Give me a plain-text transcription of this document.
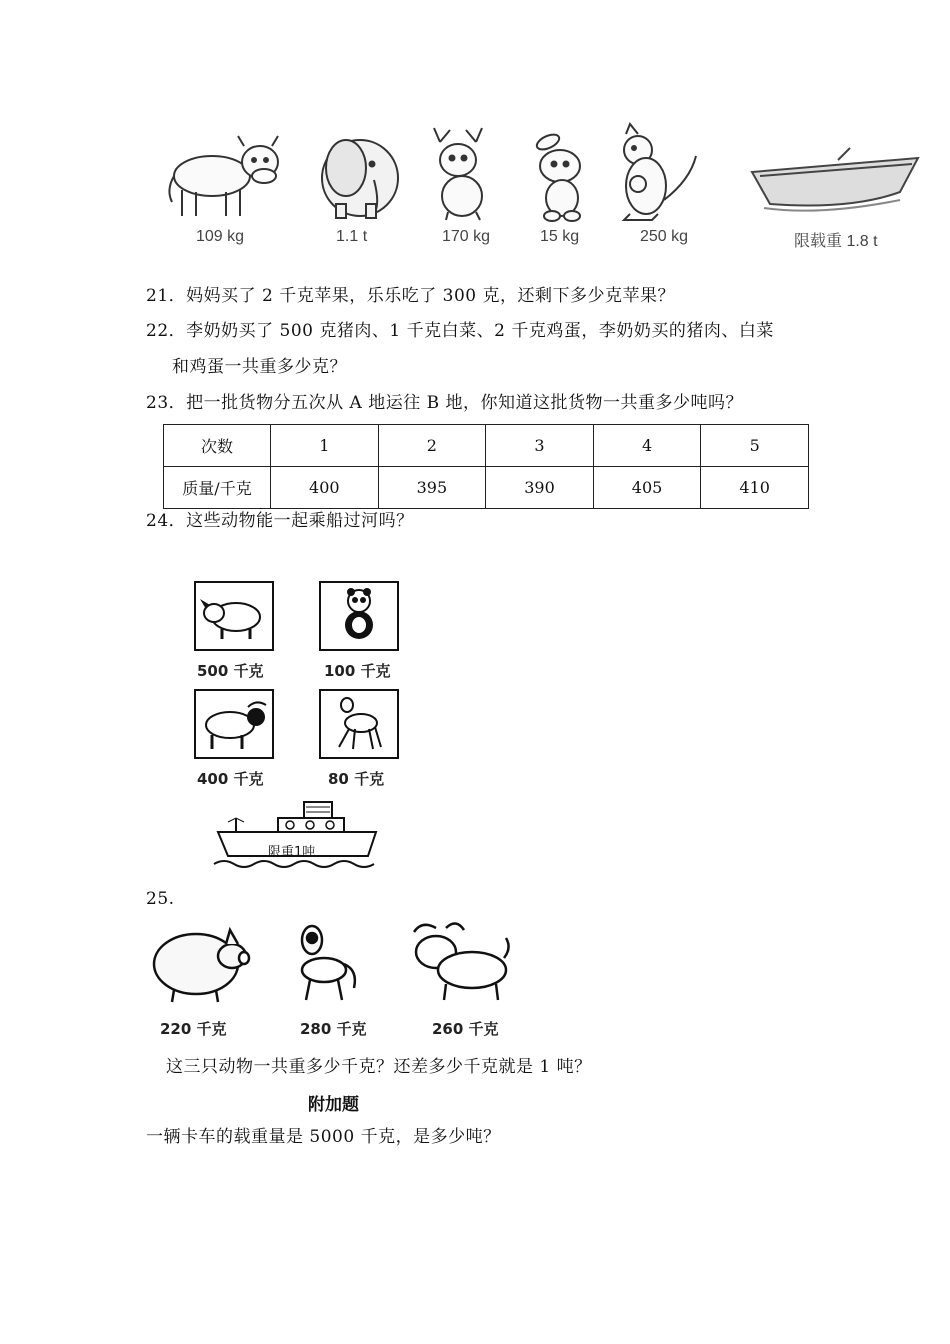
109 kg	1.1 t	170 kg	15 kg	250 kg	限载重 1.8 t
21．妈妈买了 2 千克苹果，乐乐吃了 300 克，还剩下多少克苹果？
22．李奶奶买了 500 克猪肉、1 千克白菜、2 千克鸡蛋，李奶奶买的猪肉、白菜
和鸡蛋一共重多少克？
23．把一批货物分五次从 A 地运往 B 地，你知道这批货物一共重多少吨吗？
次数	1	2	3	4	5
质量/千克	400	395	390	405	410
24．这些动物能一起乘船过河吗？
500 千克	100 千克
400 千克	80 千克
限重1吨
25.
220 千克	280 千克	260 千克
这三只动物一共重多少千克？还差多少千克就是 1 吨？
附加题
一辆卡车的载重量是 5000 千克，是多少吨？
